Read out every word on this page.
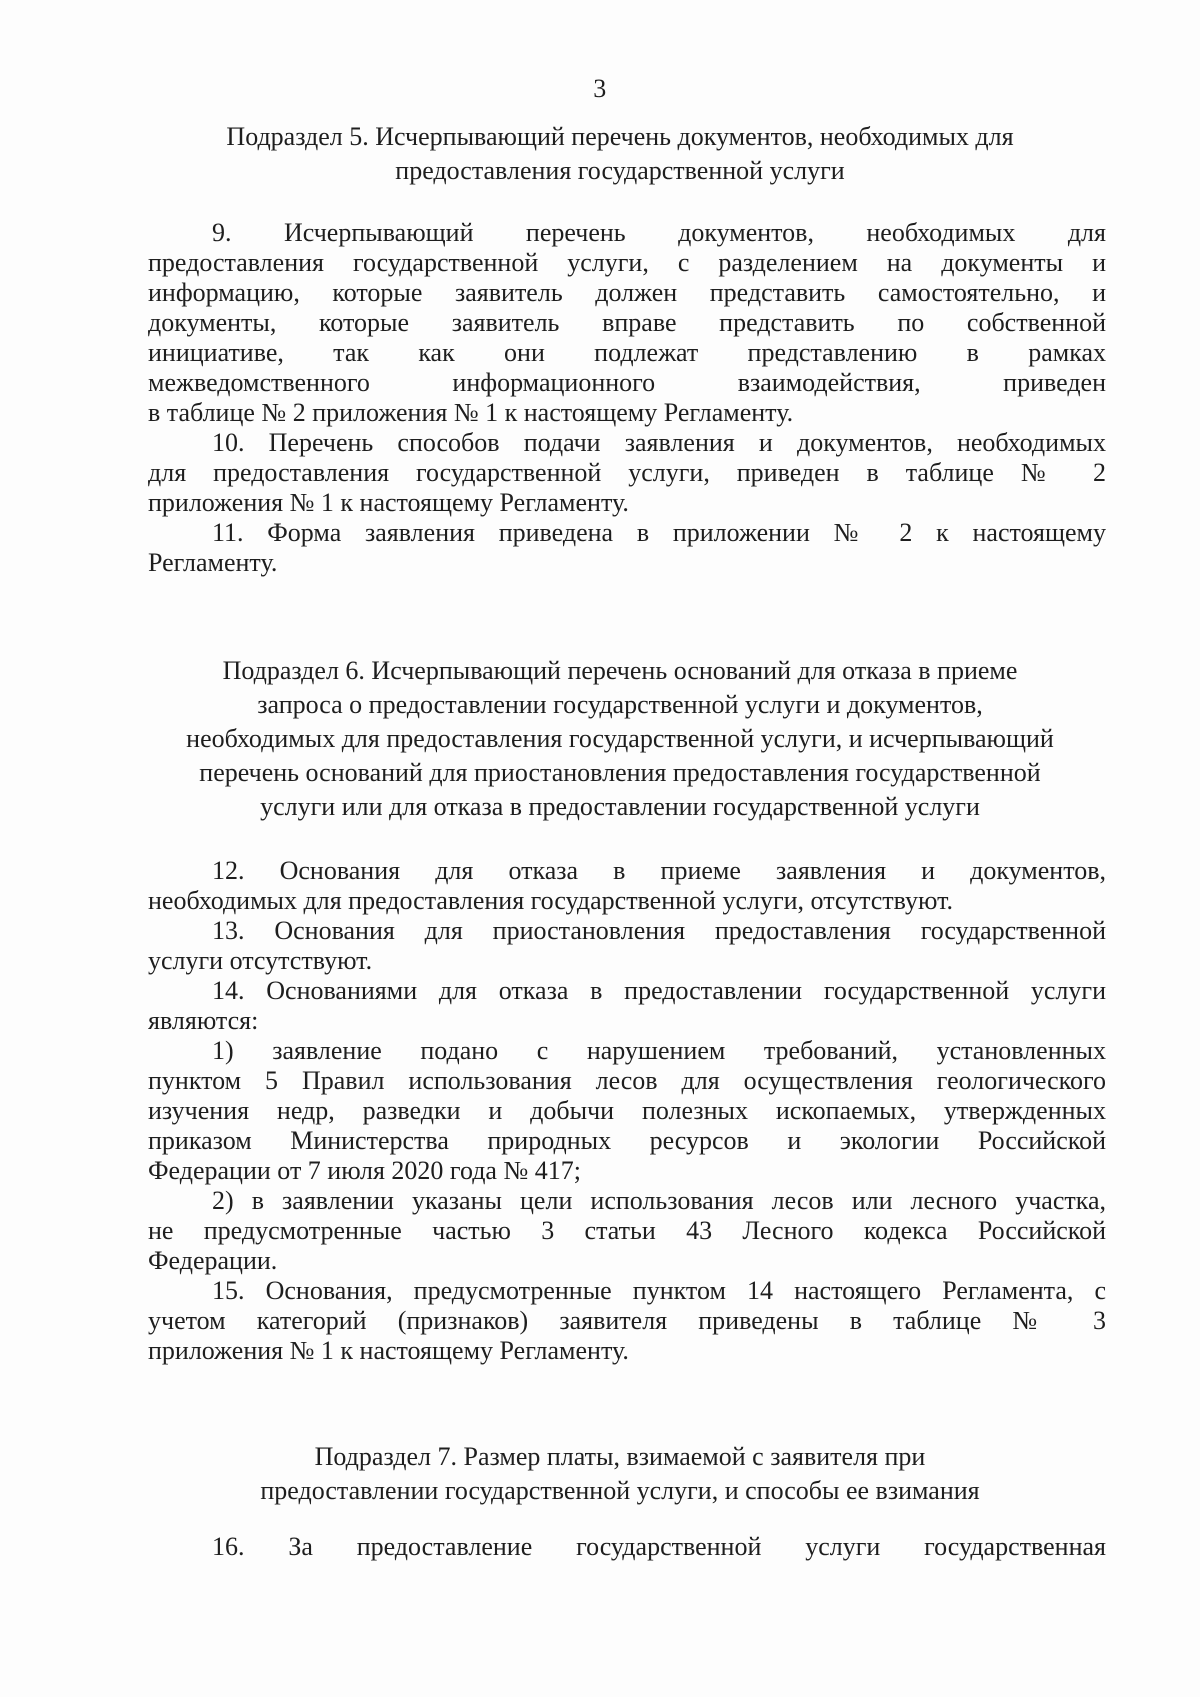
3
Подраздел 5. Исчерпывающий перечень документов, необходимых для
предоставления государственной услуги

9. Исчерпывающий перечень документов, необходимых для
предоставления государственной услуги, с разделением на документы и
информацию, которые заявитель должен представить самостоятельно, и
документы, которые заявитель вправе представить по собственной
инициативе, так как они подлежат представлению в рамках
межведомственного информационного взаимодействия, приведен
в таблице № 2 приложения № 1 к настоящему Регламенту.

10. Перечень способов подачи заявления и документов, необходимых
для предоставления государственной услуги, приведен в таблице № 2
приложения № 1 к настоящему Регламенту.

11. Форма заявления приведена в приложении № 2 к настоящему
Регламенту.

Подраздел 6. Исчерпывающий перечень оснований для отказа в приеме
запроса о предоставлении государственной услуги и документов,
необходимых для предоставления государственной услуги, и исчерпывающий
перечень оснований для приостановления предоставления государственной
услуги или для отказа в предоставлении государственной услуги

12. Основания для отказа в приеме заявления и документов,
необходимых для предоставления государственной услуги, отсутствуют.

13. Основания для приостановления предоставления государственной
услуги отсутствуют.

14. Основаниями для отказа в предоставлении государственной услуги
являются:

1) заявление подано с нарушением требований, установленных
пунктом 5 Правил использования лесов для осуществления геологического
изучения недр, разведки и добычи полезных ископаемых, утвержденных
приказом Министерства природных ресурсов и экологии Российской
Федерации от 7 июля 2020 года № 417;

2) в заявлении указаны цели использования лесов или лесного участка,
не предусмотренные частью 3 статьи 43 Лесного кодекса Российской
Федерации.

15. Основания, предусмотренные пунктом 14 настоящего Регламента, с
учетом категорий (признаков) заявителя приведены в таблице № 3
приложения № 1 к настоящему Регламенту.

Подраздел 7. Размер платы, взимаемой с заявителя при
предоставлении государственной услуги, и способы ее взимания

16. За предоставление государственной услуги государственная
